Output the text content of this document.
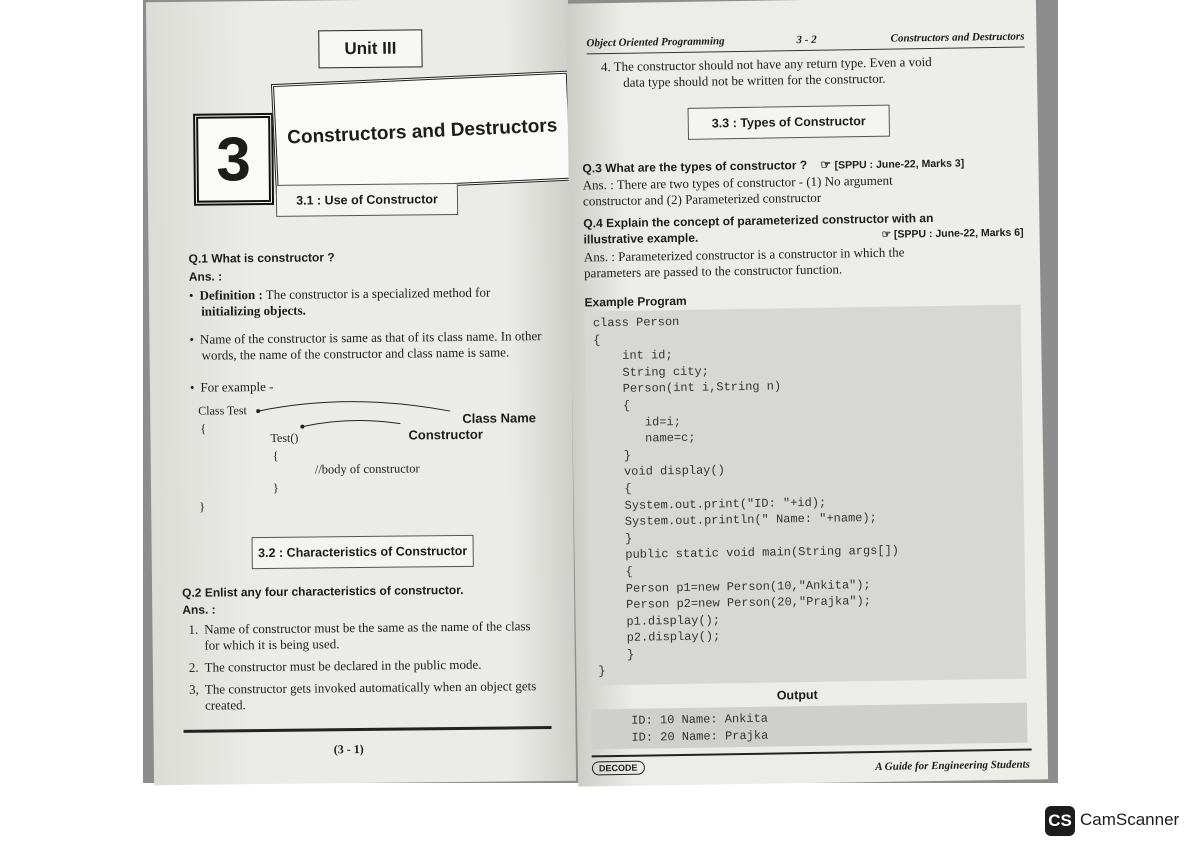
Unit III
3 Constructors and Destructors
3.1 : Use of Constructor
Q.1 What is constructor ?
Ans. :
• Definition : The constructor is a specialized method for
initializing objects.
• Name of the constructor is same as that of its class name. In other
words, the name of the constructor and class name is same.
• For example -
Class Test
{
Test()
{
//body of constructor
}
}
Class Name
Constructor
3.2 : Characteristics of Constructor
Q.2 Enlist any four characteristics of constructor.
Ans. :
1. Name of constructor must be the same as the name of the class
for which it is being used.
2. The constructor must be declared in the public mode.
3, The constructor gets invoked automatically when an object gets
created.
(3 - 1)
Object Oriented Programming	3 - 2	Constructors and Destructors
4. The constructor should not have any return type. Even a void
data type should not be written for the constructor.
3.3 : Types of Constructor
Q.3 What are the types of constructor ? ☞ [SPPU : June-22, Marks 3]
Ans. : There are two types of constructor - (1) No argument
constructor and (2) Parameterized constructor
Q.4 Explain the concept of parameterized constructor with an
illustrative example.	☞ [SPPU : June-22, Marks 6]
Ans. : Parameterized constructor is a constructor in which the
parameters are passed to the constructor function.
Example Program
class Person
{
int id;
String city;
Person(int i,String n)
{
id=i;
name=c;
}
void display()
{
System.out.print("ID: "+id);
System.out.println(" Name: "+name);
}
public static void main(String args[])
{
Person p1=new Person(10,"Ankita");
Person p2=new Person(20,"Prajka");
p1.display();
p2.display();
}
}
Output
ID: 10 Name: Ankita
ID: 20 Name: Prajka
DECODE	A Guide for Engineering Students
CS CamScanner
